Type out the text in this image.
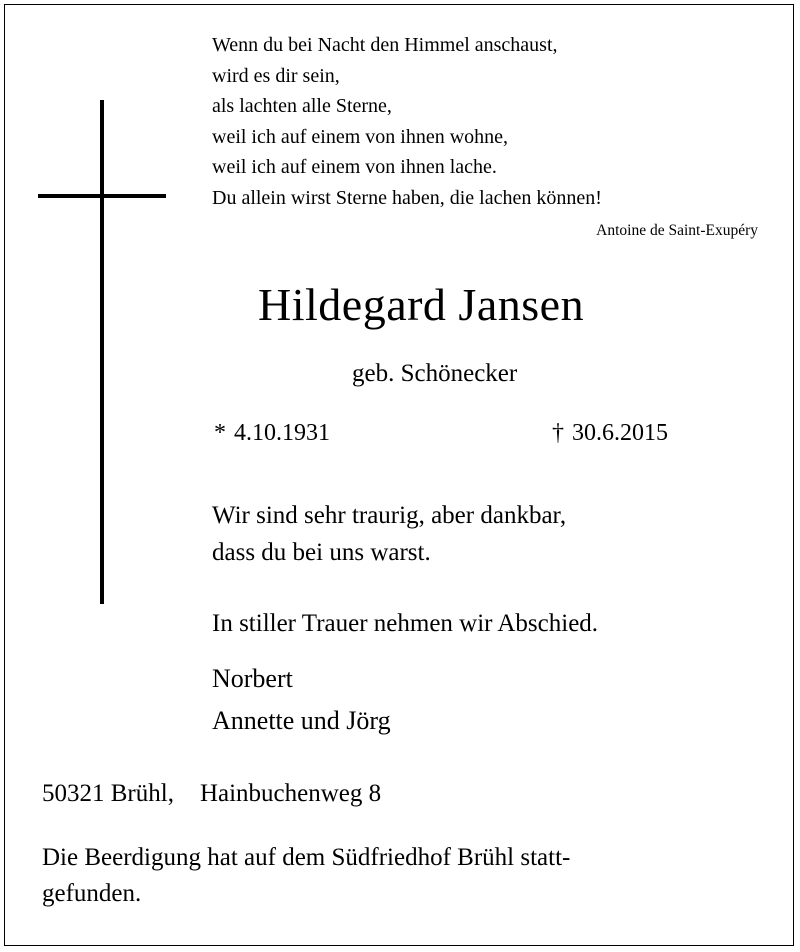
Wenn du bei Nacht den Himmel anschaust,
wird es dir sein,
als lachten alle Sterne,
weil ich auf einem von ihnen wohne,
weil ich auf einem von ihnen lache.
Du allein wirst Sterne haben, die lachen können!
Antoine de Saint-Exupéry
Hildegard Jansen
geb. Schönecker
* 4.10.1931	† 30.6.2015
Wir sind sehr traurig, aber dankbar,
dass du bei uns warst.
In stiller Trauer nehmen wir Abschied.
Norbert
Annette und Jörg
50321 Brühl, Hainbuchenweg 8
Die Beerdigung hat auf dem Südfriedhof Brühl statt-
gefunden.
